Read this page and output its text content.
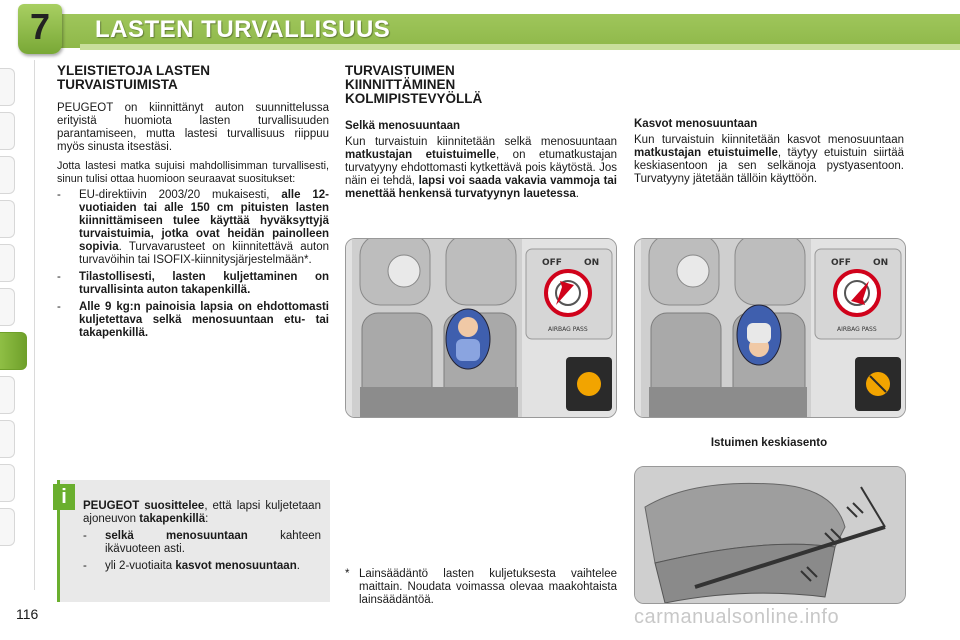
7	LASTEN TURVALLISUUS
YLEISTIETOJA LASTEN
TURVAISTUIMISTA
PEUGEOT on kiinnittänyt auton suunnittelussa erityistä huomiota lasten turvallisuuden parantamiseen, mutta lastesi turvallisuus riippuu myös sinusta itsestäsi.
Jotta lastesi matka sujuisi mahdollisimman turvallisesti, sinun tulisi ottaa huomioon seuraavat suositukset:
- EU-direktiivin 2003/20 mukaisesti, alle 12-vuotiaiden tai alle 150 cm pituisten lasten kiinnittämiseen tulee käyttää hyväksyttyjä turvaistuimia, jotka ovat heidän painolleen sopivia. Turvavarusteet on kiinnitettävä auton turvavöihin tai ISOFIX-kiinnitysjärjestelmään*.
- Tilastollisesti, lasten kuljettaminen on turvallisinta auton takapenkillä.
- Alle 9 kg:n painoisia lapsia on ehdottomasti kuljetettava selkä menosuuntaan etu- tai takapenkillä.
i	PEUGEOT suosittelee, että lapsi kuljetetaan ajoneuvon takapenkillä:
- selkä menosuuntaan kahteen ikävuoteen asti.
- yli 2-vuotiaita kasvot menosuuntaan.
TURVAISTUIMEN
KIINNITTÄMINEN
KOLMIPISTEVYÖLLÄ
Selkä menosuuntaan
Kun turvaistuin kiinnitetään selkä menosuuntaan matkustajan etuistuimelle, on etumatkustajan turvatyyny ehdottomasti kytkettävä pois käytöstä. Jos näin ei tehdä, lapsi voi saada vakavia vammoja tai menettää henkensä turvatyynyn lauetessa.
Kasvot menosuuntaan
Kun turvaistuin kiinnitetään kasvot menosuuntaan matkustajan etuistuimelle, täytyy etuistuin siirtää keskiasentoon ja sen selkänoja pystyasentoon. Turvatyyny jätetään tällöin käyttöön.
OFF ON
AIRBAG PASS
OFF ON
AIRBAG PASS
Istuimen keskiasento
* Lainsäädäntö lasten kuljetuksesta vaihtelee maittain. Noudata voimassa olevaa maakohtaista lainsäädäntöä.
116	carmanualsonline.info
